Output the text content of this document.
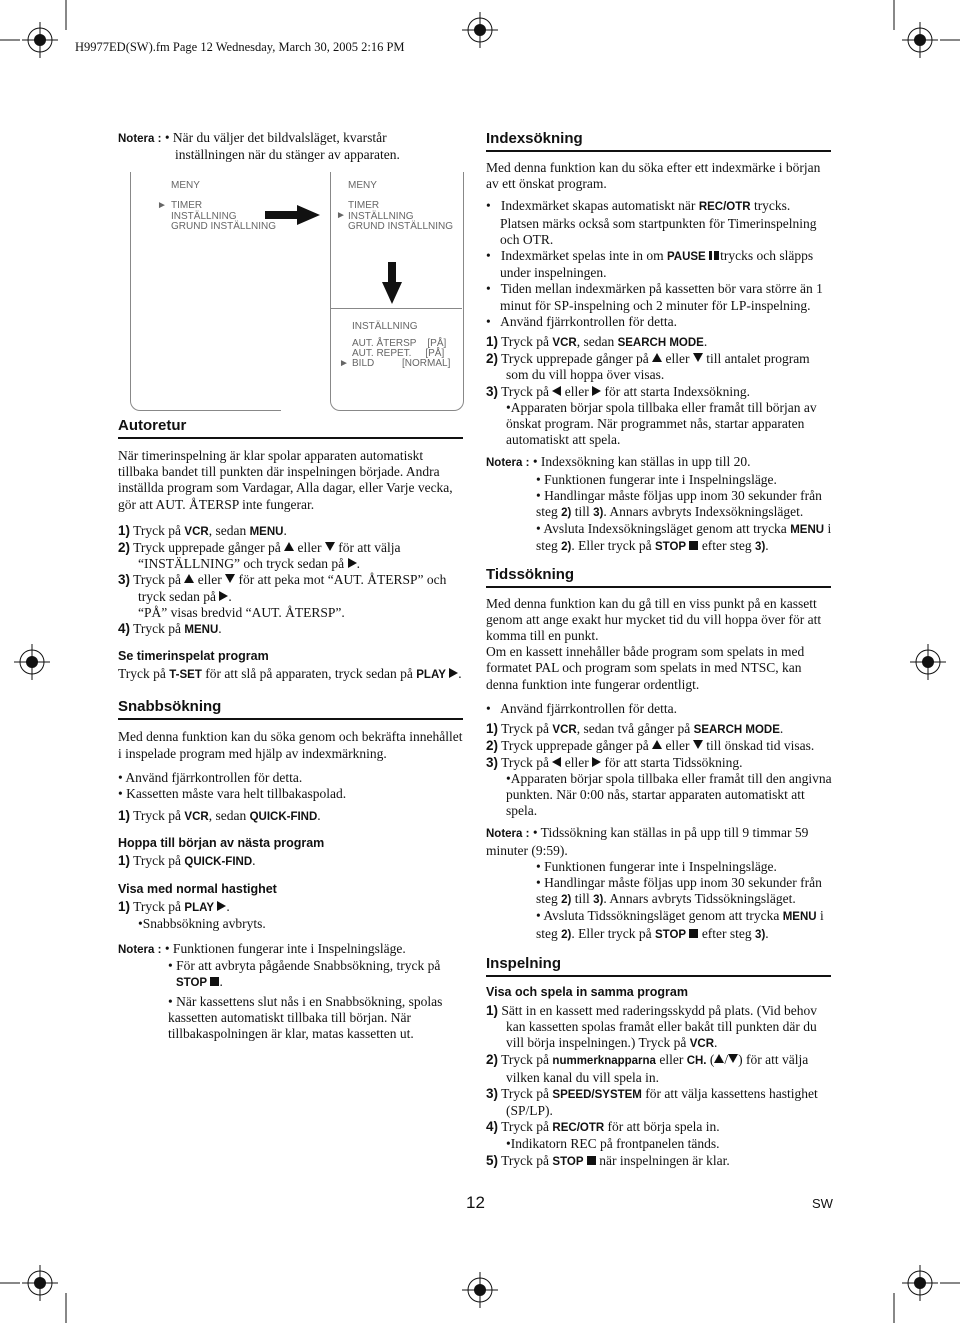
H9977ED(SW).fm Page 12 Wednesday, March 30, 2005 2:16 PM
Notera : • När du väljer det bildvalsläget, kvarstår
inställningen när du stänger av apparaten.
MENY
► TIMER
INSTÄLLNING
GRUND INSTÄLLNING
MENY
TIMER
INSTÄLLNING
GRUND INSTÄLLNING
►
INSTÄLLNING
AUT. ÅTERSP    [PÅ]
AUT. REPET.     [PÅ]
► BILD          [NORMAL]
Autoretur

När timerinspelning är klar spolar apparaten automatiskt tillbaka bandet till punkten där inspelningen började. Andra inställda program som Vardagar, Alla dagar, eller Varje vecka, gör att AUT. ÅTERSP inte fungerar.

1) Tryck på VCR, sedan MENU.
2) Tryck upprepade gånger på eller för att välja
“INSTÄLLNING” och tryck sedan på .
3) Tryck på eller för att peka mot “AUT. ÅTERSP” och
tryck sedan på .
“PÅ” visas bredvid “AUT. ÅTERSP”.
4) Tryck på MENU.
Se timerinspelat program
Tryck på T-SET för att slå på apparaten, tryck sedan på PLAY .
Snabbsökning

Med denna funktion kan du söka genom och bekräfta innehållet i inspelade program med hjälp av indexmärkning.

• Använd fjärrkontrollen för detta.
• Kassetten måste vara helt tillbakaspolad.
1) Tryck på VCR, sedan QUICK-FIND.
Hoppa till början av nästa program
1) Tryck på QUICK-FIND.
Visa med normal hastighet
1) Tryck på PLAY .
•Snabbsökning avbryts.
Notera : • Funktionen fungerar inte i Inspelningsläge.
• För att avbryta pågående Snabbsökning, tryck på
STOP .
• När kassettens slut nås i en Snabbsökning, spolas kassetten automatiskt tillbaka till början. När tillbakaspolningen är klar, matas kassetten ut.
Indexsökning

Med denna funktion kan du söka efter ett indexmärke i början av ett önskat program.

•   Indexmärket skapas automatiskt när REC/OTR trycks. Platsen märks också som startpunkten för Timerinspelning och OTR.
•   Indexmärket spelas inte in om PAUSE trycks och släpps under inspelningen.
•   Tiden mellan indexmärken på kassetten bör vara större än 1 minut för SP-inspelning och 2 minuter för LP-inspelning.
•   Använd fjärrkontrollen för detta.
1) Tryck på VCR, sedan SEARCH MODE.
2) Tryck upprepade gånger på eller till antalet program
som du vill hoppa över visas.
3) Tryck på eller för att starta Indexsökning.
•Apparaten börjar spola tillbaka eller framåt till början av önskat program. När programmet nås, startar apparaten automatiskt att spela.
Notera : • Indexsökning kan ställas in upp till 20.
• Funktionen fungerar inte i Inspelningsläge.
• Handlingar måste följas upp inom 30 sekunder från steg 2) till 3). Annars avbryts Indexsökningsläget.
• Avsluta Indexsökningsläget genom att trycka MENU i steg 2). Eller tryck på STOP efter steg 3).
Tidssökning

Med denna funktion kan du gå till en viss punkt på en kassett genom att ange exakt hur mycket tid du vill hoppa över för att komma till en punkt.

Om en kassett innehåller både program som spelats in med formatet PAL och program som spelats in med NTSC, kan denna funktion inte fungerar ordentligt.

•   Använd fjärrkontrollen för detta.
1) Tryck på VCR, sedan två gånger på SEARCH MODE.
2) Tryck upprepade gånger på eller till önskad tid visas.
3) Tryck på eller för att starta Tidssökning.
•Apparaten börjar spola tillbaka eller framåt till den angivna punkten. När 0:00 nås, startar apparaten automatiskt att spela.
Notera : • Tidssökning kan ställas in på upp till 9 timmar 59 minuter (9:59).
• Funktionen fungerar inte i Inspelningsläge.
• Handlingar måste följas upp inom 30 sekunder från steg 2) till 3). Annars avbryts Tidssökningsläget.
• Avsluta Tidssökningsläget genom att trycka MENU i steg 2). Eller tryck på STOP efter steg 3).
Inspelning
Visa och spela in samma program
1) Sätt in en kassett med raderingsskydd på plats. (Vid behov kan kassetten spolas framåt eller bakåt till punkten där du vill börja inspelningen.) Tryck på VCR.
2) Tryck på nummerknapparna eller CH. ( / ) för att välja vilken kanal du vill spela in.
3) Tryck på SPEED/SYSTEM för att välja kassettens hastighet (SP/LP).
4) Tryck på REC/OTR för att börja spela in.
•Indikatorn REC på frontpanelen tänds.
5) Tryck på STOP när inspelningen är klar.
12	SW
